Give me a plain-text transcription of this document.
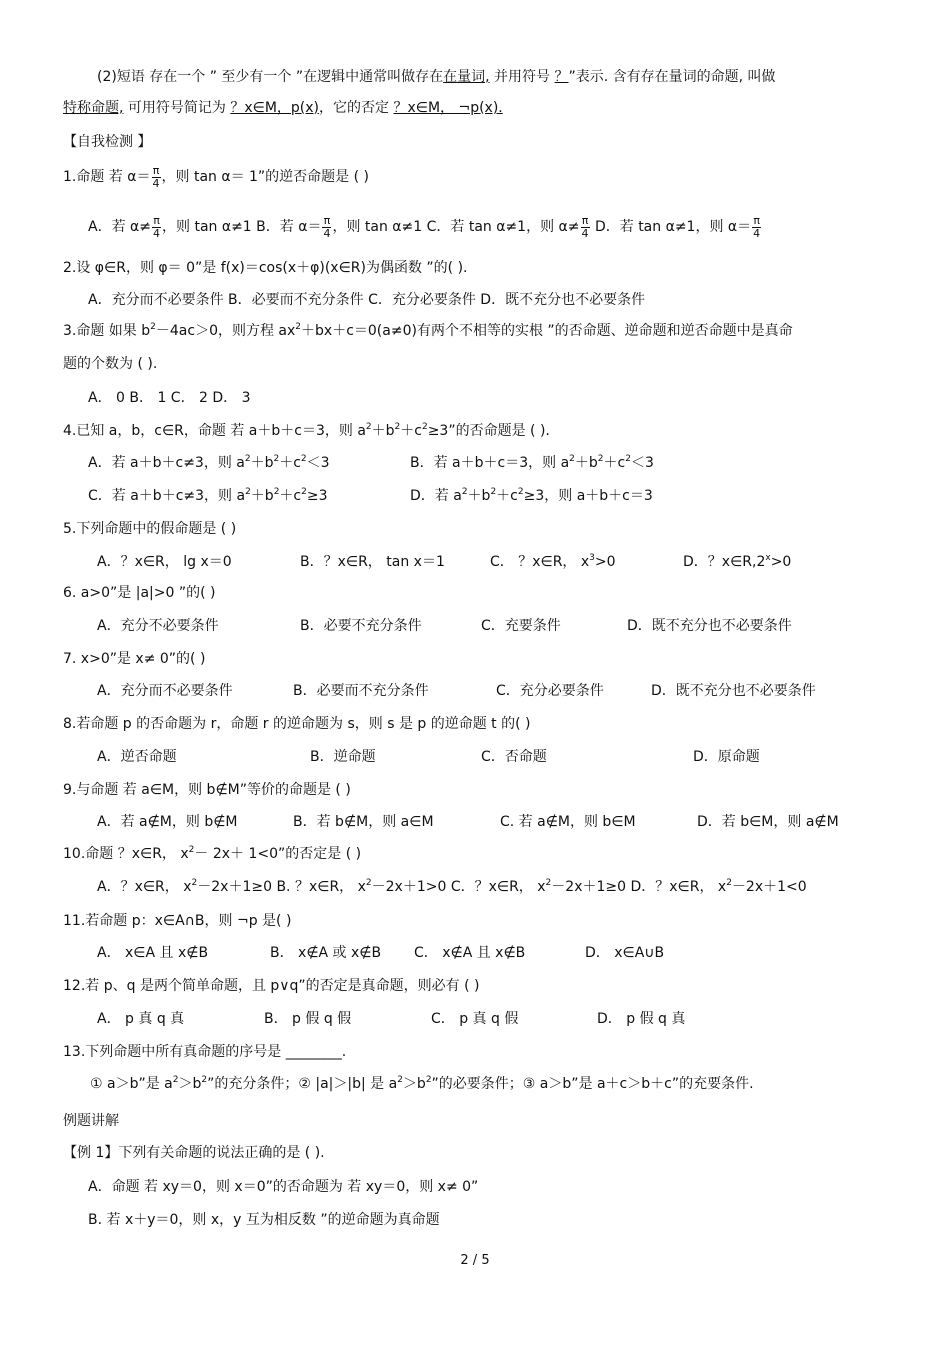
(2)短语 存在一个 ” 至少有一个 ”在逻辑中通常叫做存在在量词, 并用符号 ？”表示. 含有存在量词的命题, 叫做
特称命题, 可用符号简记为 ？x∈M，p(x)，它的否定 ？x∈M， ¬p(x).
【自我检测 】
1.命题 若 $\alpha= \frac{\pi}{4}$ ，则 tan α＝ 1”的逆否命题是 ( )
A．若 $\alpha\ne \frac{\pi}{4}$ ，则 tan α≠1 B．若 $\alpha= \frac{\pi}{4}$ ，则 tan α≠1 C．若 tan α≠1，则 $\alpha\ne \frac{\pi}{4}$ D．若 tan α≠1，则 $\alpha= \frac{\pi}{4}$
2.设 φ∈R，则 φ＝ 0”是 f(x)＝cos(x＋φ)(x∈R)为偶函数 ”的( ).
A．充分而不必要条件 B．必要而不充分条件 C．充分必要条件 D．既不充分也不必要条件
3.命题 如果 $b^2-4ac>0$，则方程 $ax^2+bx+c=0(a\ne 0)$有两个不相等的实根 ”的否命题、逆命题和逆否命题中是真命
题的个数为 ( ).
A． 0 B． 1 C． 2 D． 3
4.已知 a，b，c∈R，命题 若 a＋b＋c＝3，则 $a^2+b^2+c^2\ge 3$”的否命题是 ( ).
A．若 a＋b＋c≠3，则 $a^2+b^2+c^2<3$	B．若 a＋b＋c＝3，则 $a^2+b^2+c^2<3$
C．若 a＋b＋c≠3，则 $a^2+b^2+c^2\ge 3$	D．若 $a^2+b^2+c^2\ge 3$，则 a＋b＋c＝3
5.下列命题中的假命题是 ( )
A．？x∈R， lg x＝0	B．？x∈R， tan x＝1	C． ？x∈R， $x^3>0$	D．？$x\in R,2^x>0$
6. a>0”是 |a|>0 ”的( )
A．充分不必要条件	B．必要不充分条件	C．充要条件	D．既不充分也不必要条件
7. x>0”是 x≠ 0”的( )
A．充分而不必要条件	B．必要而不充分条件	C．充分必要条件	D．既不充分也不必要条件
8.若命题 p 的否命题为 r，命题 r 的逆命题为 s，则 s 是 p 的逆命题 t 的( )
A．逆否命题	B．逆命题	C．否命题	D．原命题
9.与命题 若 a∈M，则 b∉M”等价的命题是 ( )
A．若 a∉M，则 b∉M	B．若 b∉M，则 a∈M	C. 若 a∉M，则 b∈M	D．若 b∈M，则 a∉M
10.命题 ？x∈R， $x^2- 2x+ 1<0$”的否定是 ( )
A．？x∈R， $x^2-2x+1\ge 0$ B. ？x∈R， $x^2-2x+1>0$ C．？x∈R， $x^2-2x+1\ge 0$ D．？x∈R， $x^2-2x+1<0$
11.若命题 p：x∈A∩B，则 ¬p 是( )
A． x∈A 且 x∉B	B． x∉A 或 x∉B C． x∉A 且 x∉B	D． x∈A∪B
12.若 p、q 是两个简单命题，且 p∨q”的否定是真命题，则必有 ( )
A． p 真 q 真	B． p 假 q 假	C． p 真 q 假	D． p 假 q 真
13.下列命题中所有真命题的序号是 ________.
① a＞b”是 $a^2>b^2$”的充分条件；② |a|＞|b| 是 $a^2>b^2$”的必要条件；③ a＞b”是 a＋c＞b＋c”的充要条件.
例题讲解
【例 1】下列有关命题的说法正确的是 ( ).
A．命题 若 xy＝0，则 x＝0”的否命题为 若 xy＝0，则 x≠ 0”
B. 若 x＋y＝0，则 x，y 互为相反数 ”的逆命题为真命题
2 / 5
